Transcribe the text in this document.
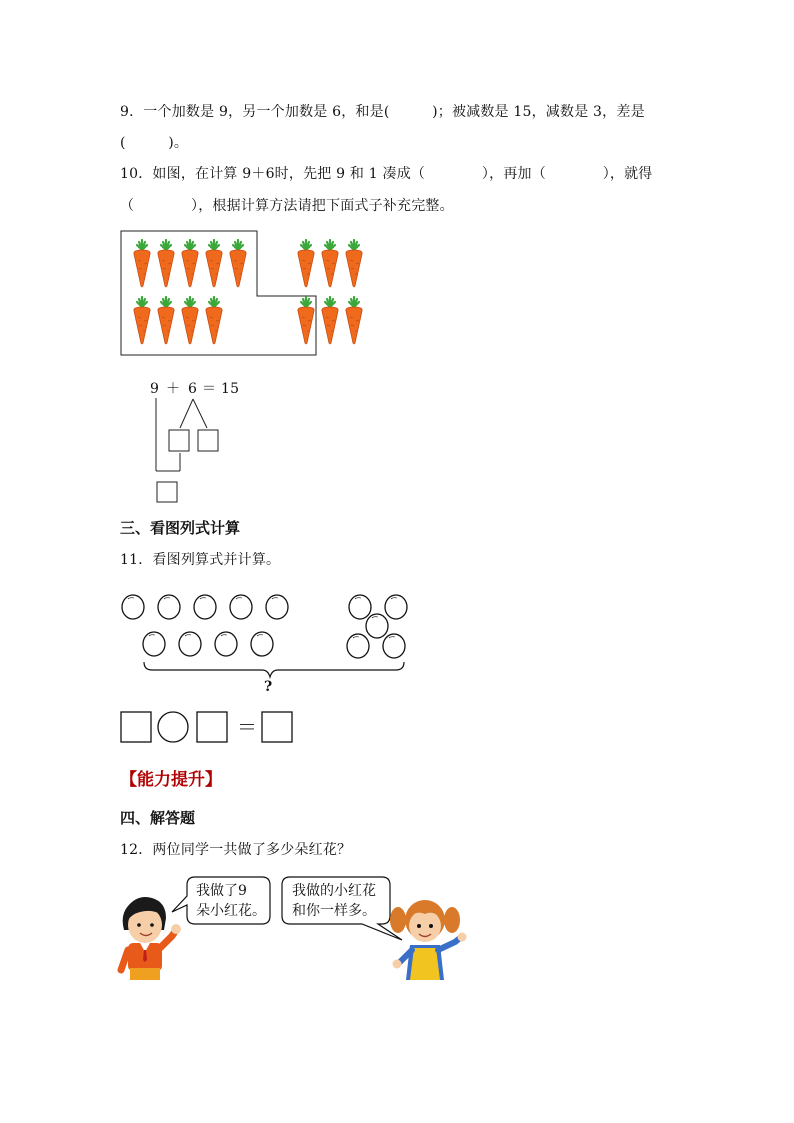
9．一个加数是 9，另一个加数是 6，和是(　　　)；被减数是 15，减数是 3，差是
(　　　)。
10．如图，在计算 9＋6时，先把 9 和 1 凑成（　　　　），再加（　　　　），就得
（　　　　），根据计算方法请把下面式子补充完整。
9 ＋ 6 ＝ 15
三、看图列式计算
11．看图列算式并计算。
?
＝
【能力提升】
四、解答题
12．两位同学一共做了多少朵红花？
我做了9
朵小红花。
我做的小红花
和你一样多。
